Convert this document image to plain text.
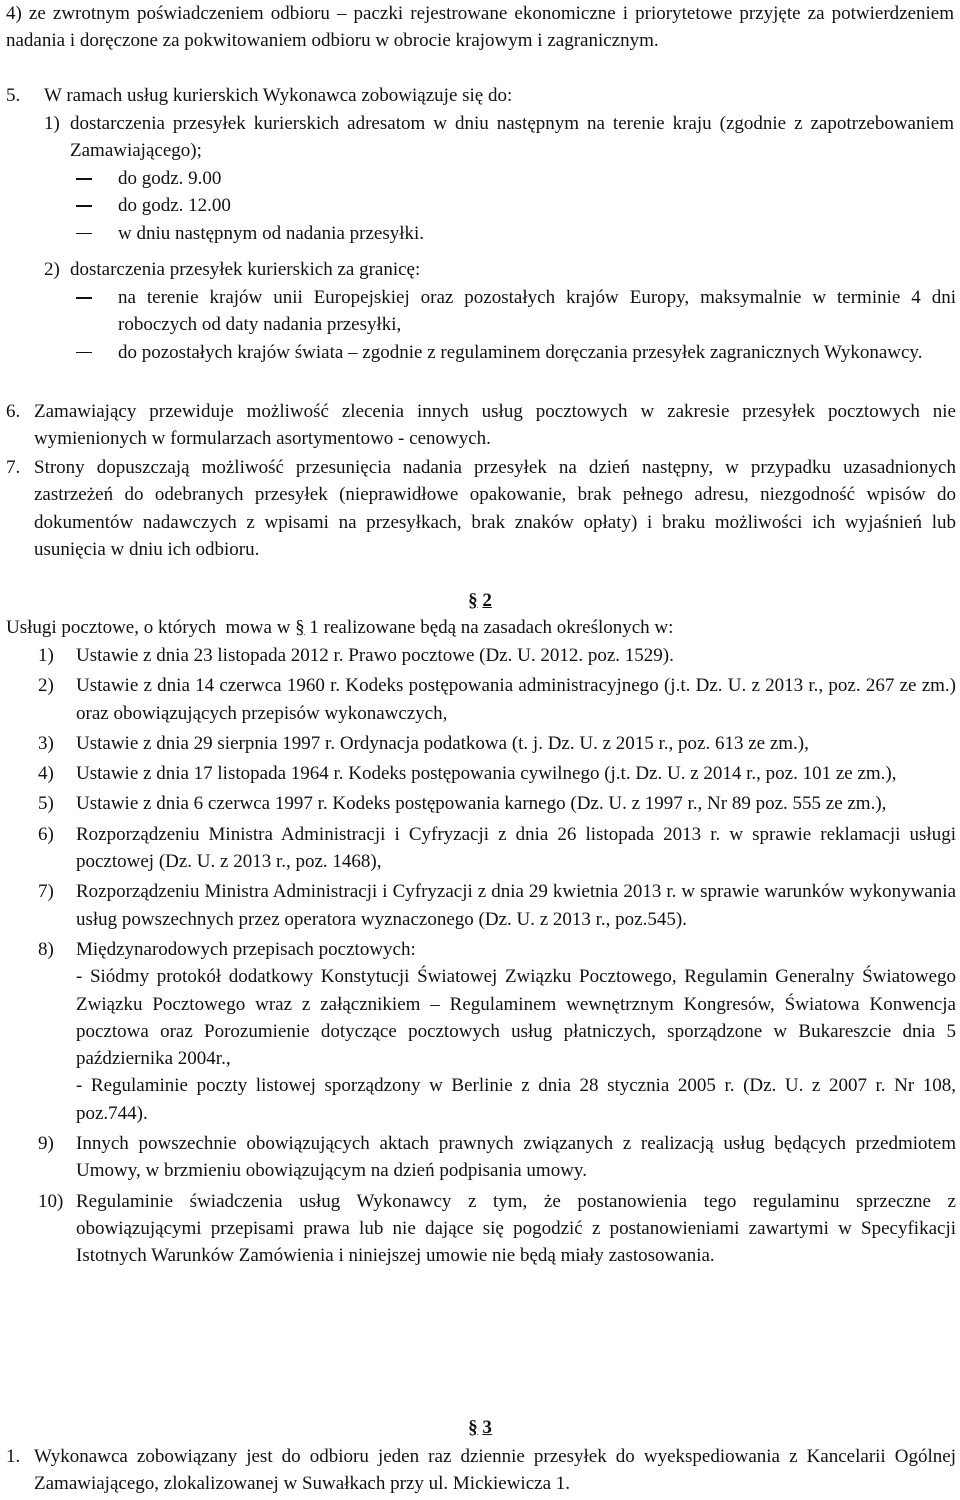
4) ze zwrotnym poświadczeniem odbioru – paczki rejestrowane ekonomiczne i priorytetowe przyjęte za potwierdzeniem nadania i doręczone za pokwitowaniem odbioru w obrocie krajowym i zagranicznym.
5. W ramach usług kurierskich Wykonawca zobowiązuje się do:
1) dostarczenia przesyłek kurierskich adresatom w dniu następnym na terenie kraju (zgodnie z zapotrzebowaniem Zamawiającego);
do godz. 9.00
do godz. 12.00
w dniu następnym od nadania przesyłki.
2) dostarczenia przesyłek kurierskich za granicę:
na terenie krajów unii Europejskiej oraz pozostałych krajów Europy, maksymalnie w terminie 4 dni roboczych od daty nadania przesyłki,
do pozostałych krajów świata – zgodnie z regulaminem doręczania przesyłek zagranicznych Wykonawcy.
6. Zamawiający przewiduje możliwość zlecenia innych usług pocztowych w zakresie przesyłek pocztowych nie wymienionych w formularzach asortymentowo - cenowych.
7. Strony dopuszczają możliwość przesunięcia nadania przesyłek na dzień następny, w przypadku uzasadnionych zastrzeżeń do odebranych przesyłek (nieprawidłowe opakowanie, brak pełnego adresu, niezgodność wpisów do dokumentów nadawczych z wpisami na przesyłkach, brak znaków opłaty) i braku możliwości ich wyjaśnień lub usunięcia w dniu ich odbioru.
§ 2
Usługi pocztowe, o których  mowa w § 1 realizowane będą na zasadach określonych w:
1) Ustawie z dnia 23 listopada 2012 r. Prawo pocztowe (Dz. U. 2012. poz. 1529).
2) Ustawie z dnia 14 czerwca 1960 r. Kodeks postępowania administracyjnego (j.t. Dz. U. z 2013 r., poz. 267 ze zm.) oraz obowiązujących przepisów wykonawczych,
3) Ustawie z dnia 29 sierpnia 1997 r. Ordynacja podatkowa (t. j. Dz. U. z 2015 r., poz. 613 ze zm.),
4) Ustawie z dnia 17 listopada 1964 r. Kodeks postępowania cywilnego (j.t. Dz. U. z 2014 r., poz. 101 ze zm.),
5) Ustawie z dnia 6 czerwca 1997 r. Kodeks postępowania karnego (Dz. U. z 1997 r., Nr 89 poz. 555 ze zm.),
6) Rozporządzeniu Ministra Administracji i Cyfryzacji z dnia 26 listopada 2013 r. w sprawie reklamacji usługi pocztowej (Dz. U. z 2013 r., poz. 1468),
7) Rozporządzeniu Ministra Administracji i Cyfryzacji z dnia 29 kwietnia 2013 r. w sprawie warunków wykonywania usług powszechnych przez operatora wyznaczonego (Dz. U. z 2013 r., poz.545).
8) Międzynarodowych przepisach pocztowych:
- Siódmy protokół dodatkowy Konstytucji Światowej Związku Pocztowego, Regulamin Generalny Światowego Związku Pocztowego wraz z załącznikiem – Regulaminem wewnętrznym Kongresów, Światowa Konwencja pocztowa oraz Porozumienie dotyczące pocztowych usług płatniczych, sporządzone w Bukareszcie dnia 5 października 2004r.,
- Regulaminie poczty listowej sporządzony w Berlinie z dnia 28 stycznia 2005 r. (Dz. U. z 2007 r. Nr 108, poz.744).
9) Innych powszechnie obowiązujących aktach prawnych związanych z realizacją usług będących przedmiotem Umowy, w brzmieniu obowiązującym na dzień podpisania umowy.
10) Regulaminie świadczenia usług Wykonawcy z tym, że postanowienia tego regulaminu sprzeczne z obowiązującymi przepisami prawa lub nie dające się pogodzić z postanowieniami zawartymi w Specyfikacji Istotnych Warunków Zamówienia i niniejszej umowie nie będą miały zastosowania.
§ 3
1. Wykonawca zobowiązany jest do odbioru jeden raz dziennie przesyłek do wyekspediowania z Kancelarii Ogólnej Zamawiającego, zlokalizowanej w Suwałkach przy ul. Mickiewicza 1.
